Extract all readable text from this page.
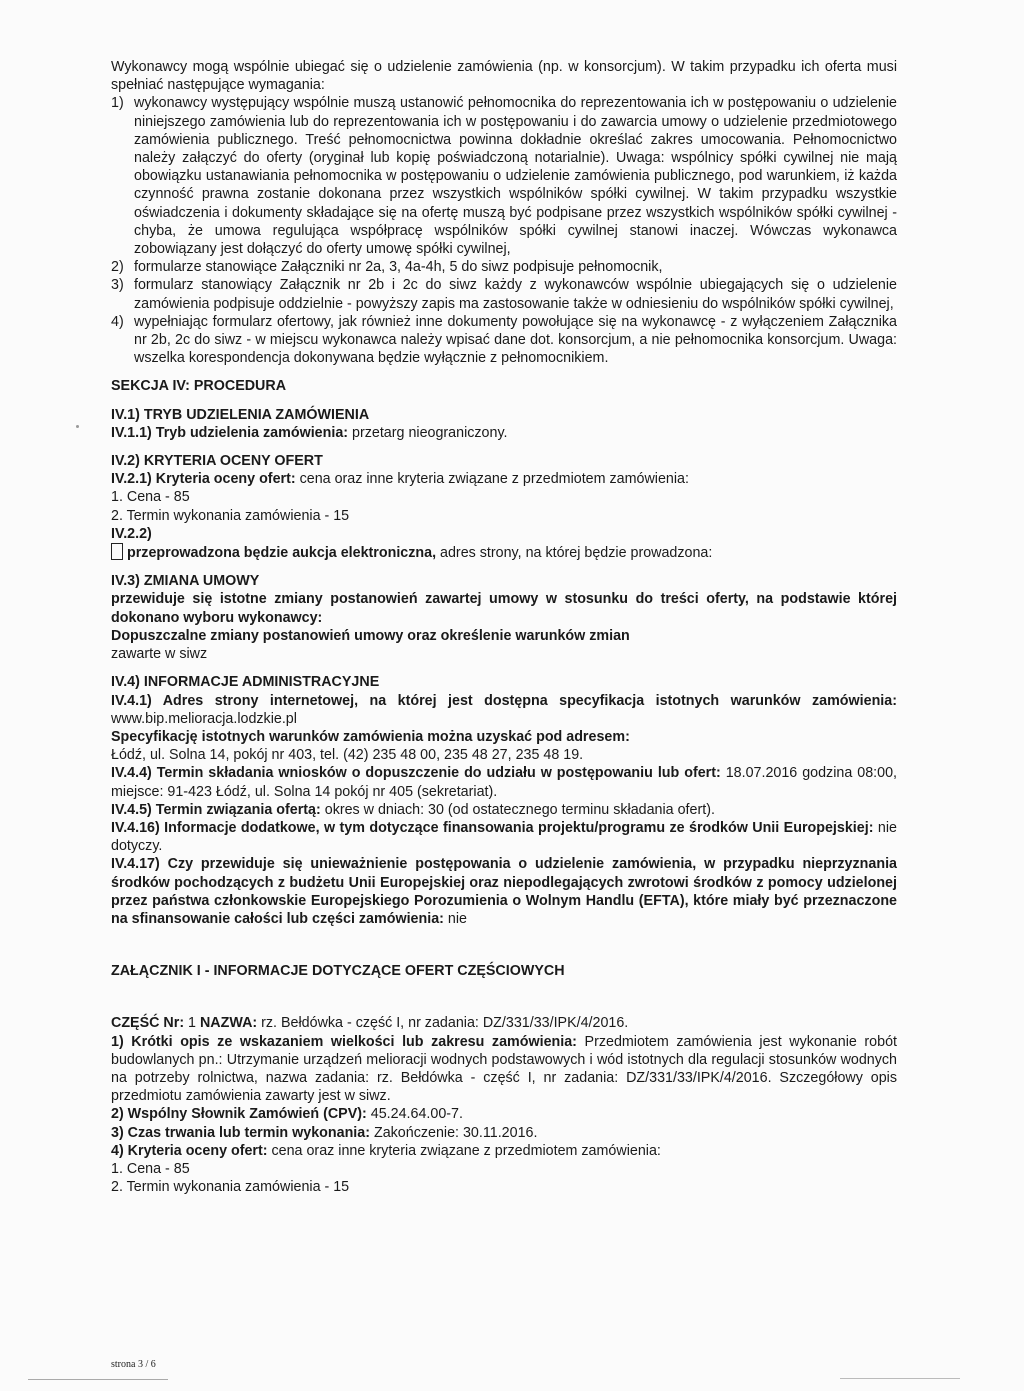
Wykonawcy mogą wspólnie ubiegać się o udzielenie zamówienia (np. w konsorcjum). W takim przypadku ich oferta musi spełniać następujące wymagania:

1) wykonawcy występujący wspólnie muszą ustanowić pełnomocnika do reprezentowania ich w postępowaniu o udzielenie niniejszego zamówienia lub do reprezentowania ich w postępowaniu i do zawarcia umowy o udzielenie przedmiotowego zamówienia publicznego. Treść pełnomocnictwa powinna dokładnie określać zakres umocowania. Pełnomocnictwo należy załączyć do oferty (oryginał lub kopię poświadczoną notarialnie). Uwaga: wspólnicy spółki cywilnej nie mają obowiązku ustanawiania pełnomocnika w postępowaniu o udzielenie zamówienia publicznego, pod warunkiem, iż każda czynność prawna zostanie dokonana przez wszystkich wspólników spółki cywilnej. W takim przypadku wszystkie oświadczenia i dokumenty składające się na ofertę muszą być podpisane przez wszystkich wspólników spółki cywilnej - chyba, że umowa regulująca współpracę wspólników spółki cywilnej stanowi inaczej. Wówczas wykonawca zobowiązany jest dołączyć do oferty umowę spółki cywilnej,
2) formularze stanowiące Załączniki nr 2a, 3, 4a-4h, 5 do siwz podpisuje pełnomocnik,
3) formularz stanowiący Załącznik nr 2b i 2c do siwz każdy z wykonawców wspólnie ubiegających się o udzielenie zamówienia podpisuje oddzielnie - powyższy zapis ma zastosowanie także w odniesieniu do wspólników spółki cywilnej,
4) wypełniając formularz ofertowy, jak również inne dokumenty powołujące się na wykonawcę - z wyłączeniem Załącznika nr 2b, 2c do siwz - w miejscu wykonawca należy wpisać dane dot. konsorcjum, a nie pełnomocnika konsorcjum. Uwaga: wszelka korespondencja dokonywana będzie wyłącznie z pełnomocnikiem.

SEKCJA IV: PROCEDURA

IV.1) TRYB UDZIELENIA ZAMÓWIENIA

IV.1.1) Tryb udzielenia zamówienia: przetarg nieograniczony.

IV.2) KRYTERIA OCENY OFERT

IV.2.1) Kryteria oceny ofert: cena oraz inne kryteria związane z przedmiotem zamówienia:

1. Cena - 85

2. Termin wykonania zamówienia - 15

IV.2.2)

przeprowadzona będzie aukcja elektroniczna, adres strony, na której będzie prowadzona:

IV.3) ZMIANA UMOWY

przewiduje się istotne zmiany postanowień zawartej umowy w stosunku do treści oferty, na podstawie której dokonano wyboru wykonawcy:

Dopuszczalne zmiany postanowień umowy oraz określenie warunków zmian

zawarte w siwz

IV.4) INFORMACJE ADMINISTRACYJNE

IV.4.1) Adres strony internetowej, na której jest dostępna specyfikacja istotnych warunków zamówienia: www.bip.melioracja.lodzkie.pl

Specyfikację istotnych warunków zamówienia można uzyskać pod adresem:

Łódź, ul. Solna 14, pokój nr 403, tel. (42) 235 48 00, 235 48 27, 235 48 19.

IV.4.4) Termin składania wniosków o dopuszczenie do udziału w postępowaniu lub ofert: 18.07.2016 godzina 08:00, miejsce: 91-423 Łódź, ul. Solna 14 pokój nr 405 (sekretariat).

IV.4.5) Termin związania ofertą: okres w dniach: 30 (od ostatecznego terminu składania ofert).

IV.4.16) Informacje dodatkowe, w tym dotyczące finansowania projektu/programu ze środków Unii Europejskiej: nie dotyczy.

IV.4.17) Czy przewiduje się unieważnienie postępowania o udzielenie zamówienia, w przypadku nieprzyznania środków pochodzących z budżetu Unii Europejskiej oraz niepodlegających zwrotowi środków z pomocy udzielonej przez państwa członkowskie Europejskiego Porozumienia o Wolnym Handlu (EFTA), które miały być przeznaczone na sfinansowanie całości lub części zamówienia: nie

ZAŁĄCZNIK I - INFORMACJE DOTYCZĄCE OFERT CZĘŚCIOWYCH

CZĘŚĆ Nr: 1 NAZWA: rz. Bełdówka - część I, nr zadania: DZ/331/33/IPK/4/2016.

1) Krótki opis ze wskazaniem wielkości lub zakresu zamówienia: Przedmiotem zamówienia jest wykonanie robót budowlanych pn.: Utrzymanie urządzeń melioracji wodnych podstawowych i wód istotnych dla regulacji stosunków wodnych na potrzeby rolnictwa, nazwa zadania: rz. Bełdówka - część I, nr zadania: DZ/331/33/IPK/4/2016. Szczegółowy opis przedmiotu zamówienia zawarty jest w siwz.

2) Wspólny Słownik Zamówień (CPV): 45.24.64.00-7.

3) Czas trwania lub termin wykonania: Zakończenie: 30.11.2016.

4) Kryteria oceny ofert: cena oraz inne kryteria związane z przedmiotem zamówienia:

1. Cena - 85

2. Termin wykonania zamówienia - 15

strona 3 / 6
